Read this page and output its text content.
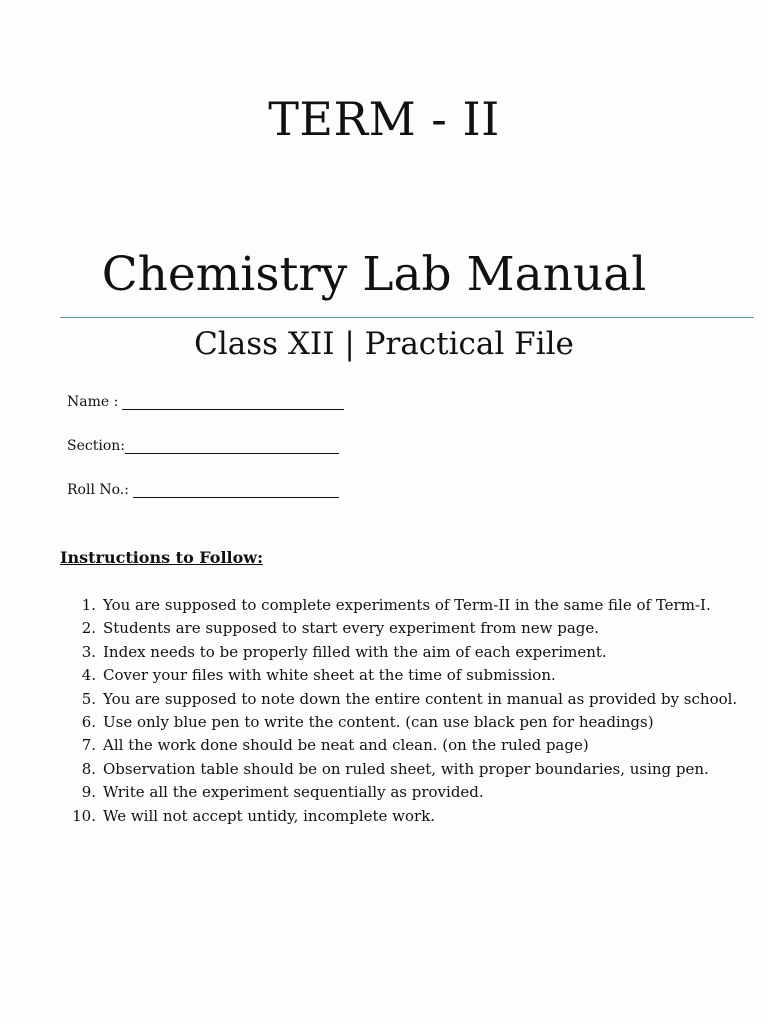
TERM - II
Chemistry Lab Manual
Class XII | Practical File
Name :
Section:
Roll No.:
Instructions to Follow:
1. You are supposed to complete experiments of Term-II in the same file of Term-I.
2. Students are supposed to start every experiment from new page.
3. Index needs to be properly filled with the aim of each experiment.
4. Cover your files with white sheet at the time of submission.
5. You are supposed to note down the entire content in manual as provided by school.
6. Use only blue pen to write the content. (can use black pen for headings)
7. All the work done should be neat and clean. (on the ruled page)
8. Observation table should be on ruled sheet, with proper boundaries, using pen.
9. Write all the experiment sequentially as provided.
10. We will not accept untidy, incomplete work.
